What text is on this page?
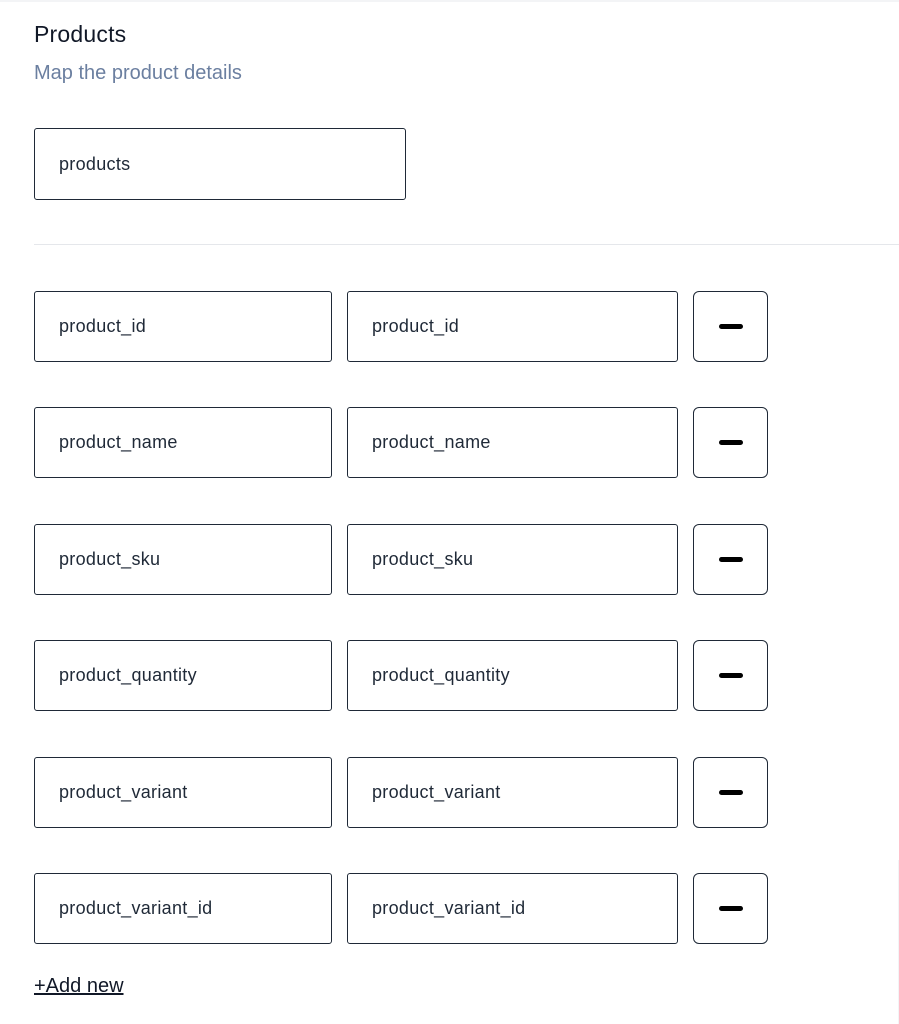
Products
Map the product details
products
product_id	product_id
product_name	product_name
product_sku	product_sku
product_quantity	product_quantity
product_variant	product_variant
product_variant_id	product_variant_id
+Add new
